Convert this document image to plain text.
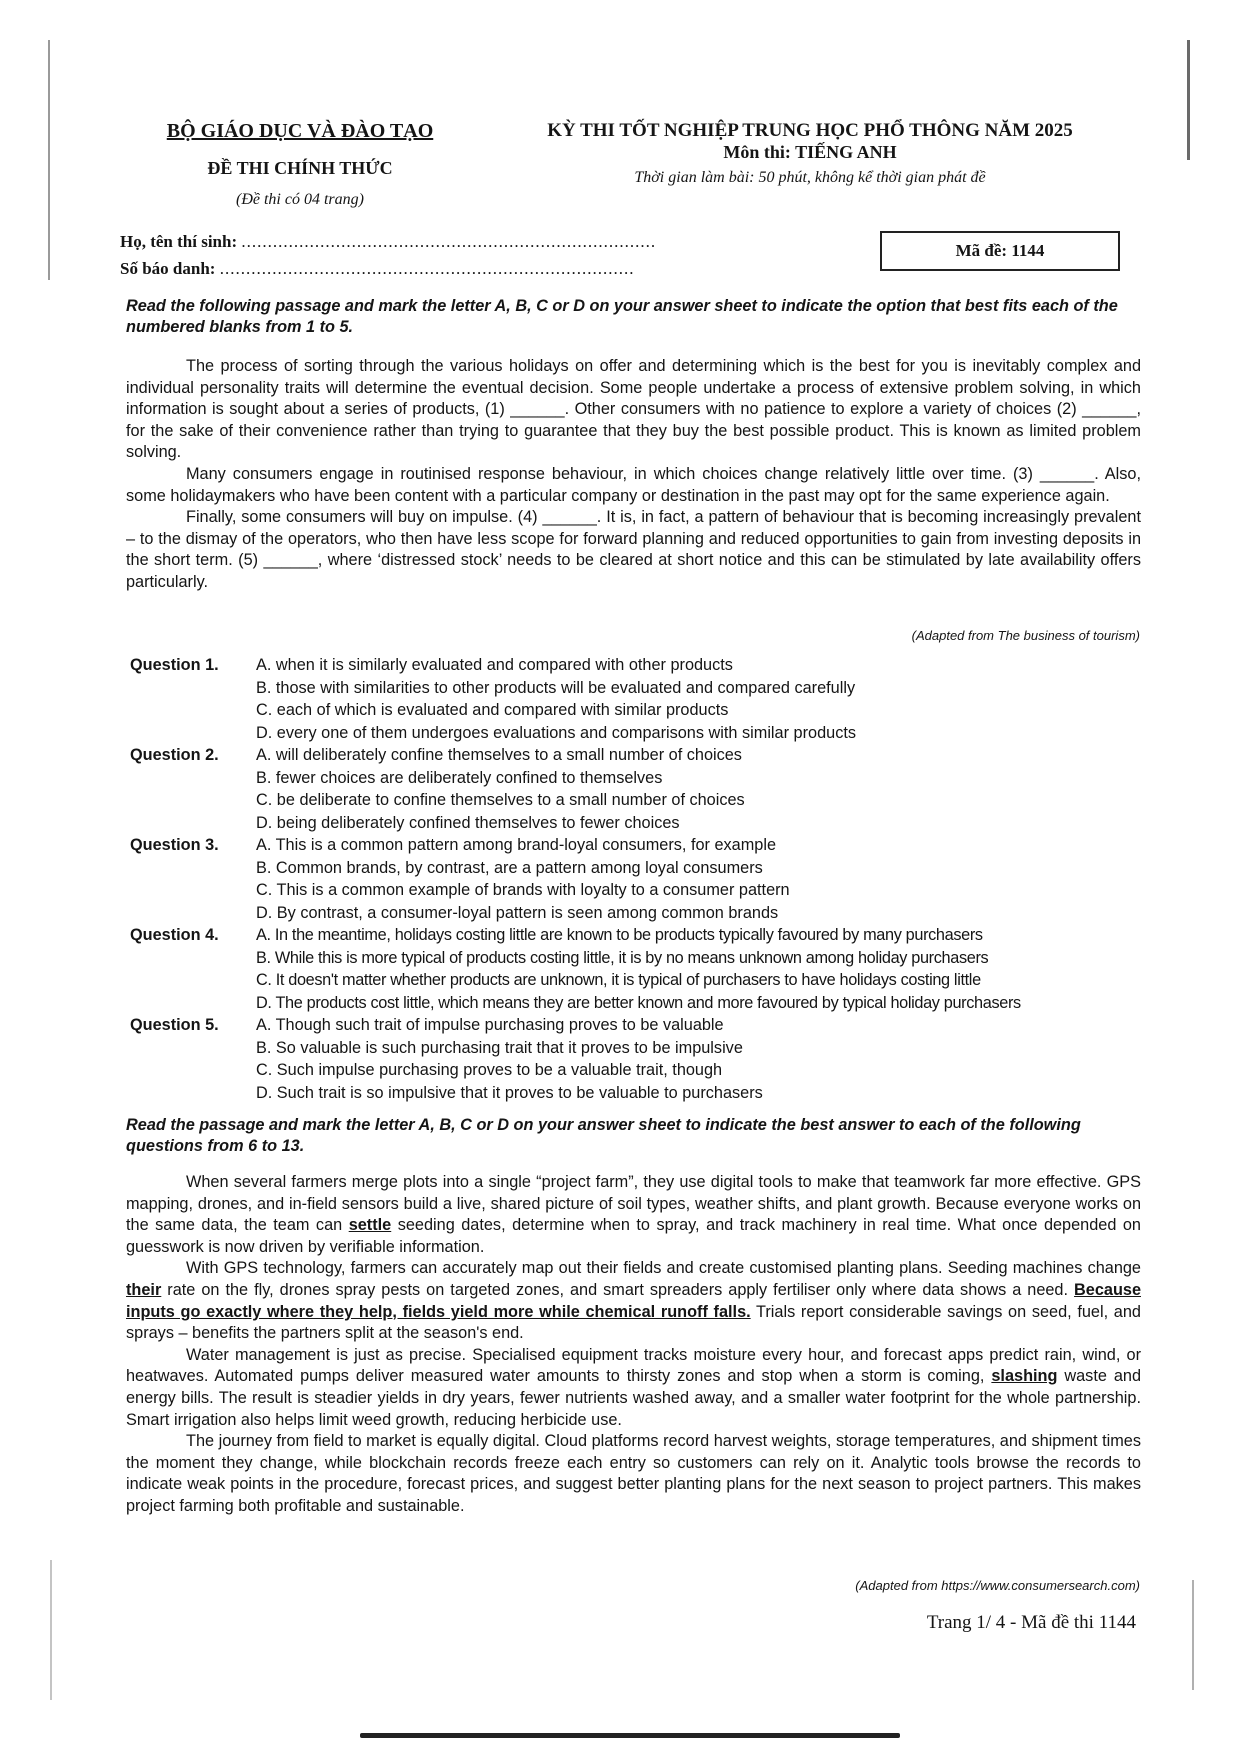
BỘ GIÁO DỤC VÀ ĐÀO TẠO
ĐỀ THI CHÍNH THỨC
(Đề thi có 04 trang)
KỲ THI TỐT NGHIỆP TRUNG HỌC PHỔ THÔNG NĂM 2025
Môn thi: TIẾNG ANH
Thời gian làm bài: 50 phút, không kể thời gian phát đề
Họ, tên thí sinh: ...............................................................................
Số báo danh: ...............................................................................
Mã đề: 1144
Read the following passage and mark the letter A, B, C or D on your answer sheet to indicate the option that best fits each of the numbered blanks from 1 to 5.

The process of sorting through the various holidays on offer and determining which is the best for you is inevitably complex and individual personality traits will determine the eventual decision. Some people undertake a process of extensive problem solving, in which information is sought about a series of products, (1) ______. Other consumers with no patience to explore a variety of choices (2) ______, for the sake of their convenience rather than trying to guarantee that they buy the best possible product. This is known as limited problem solving.

Many consumers engage in routinised response behaviour, in which choices change relatively little over time. (3) ______. Also, some holidaymakers who have been content with a particular company or destination in the past may opt for the same experience again.

Finally, some consumers will buy on impulse. (4) ______. It is, in fact, a pattern of behaviour that is becoming increasingly prevalent – to the dismay of the operators, who then have less scope for forward planning and reduced opportunities to gain from investing deposits in the short term. (5) ______, where ‘distressed stock’ needs to be cleared at short notice and this can be stimulated by late availability offers particularly.

(Adapted from The business of tourism)
Question 1.	A. when it is similarly evaluated and compared with other products
B. those with similarities to other products will be evaluated and compared carefully
C. each of which is evaluated and compared with similar products
D. every one of them undergoes evaluations and comparisons with similar products
Question 2.	A. will deliberately confine themselves to a small number of choices
B. fewer choices are deliberately confined to themselves
C. be deliberate to confine themselves to a small number of choices
D. being deliberately confined themselves to fewer choices
Question 3.	A. This is a common pattern among brand-loyal consumers, for example
B. Common brands, by contrast, are a pattern among loyal consumers
C. This is a common example of brands with loyalty to a consumer pattern
D. By contrast, a consumer-loyal pattern is seen among common brands
Question 4.	A. In the meantime, holidays costing little are known to be products typically favoured by many purchasers
B. While this is more typical of products costing little, it is by no means unknown among holiday purchasers
C. It doesn't matter whether products are unknown, it is typical of purchasers to have holidays costing little
D. The products cost little, which means they are better known and more favoured by typical holiday purchasers
Question 5.	A. Though such trait of impulse purchasing proves to be valuable
B. So valuable is such purchasing trait that it proves to be impulsive
C. Such impulse purchasing proves to be a valuable trait, though
D. Such trait is so impulsive that it proves to be valuable to purchasers
Read the passage and mark the letter A, B, C or D on your answer sheet to indicate the best answer to each of the following questions from 6 to 13.

When several farmers merge plots into a single “project farm”, they use digital tools to make that teamwork far more effective. GPS mapping, drones, and in-field sensors build a live, shared picture of soil types, weather shifts, and plant growth. Because everyone works on the same data, the team can settle seeding dates, determine when to spray, and track machinery in real time. What once depended on guesswork is now driven by verifiable information.

With GPS technology, farmers can accurately map out their fields and create customised planting plans. Seeding machines change their rate on the fly, drones spray pests on targeted zones, and smart spreaders apply fertiliser only where data shows a need. Because inputs go exactly where they help, fields yield more while chemical runoff falls. Trials report considerable savings on seed, fuel, and sprays – benefits the partners split at the season's end.

Water management is just as precise. Specialised equipment tracks moisture every hour, and forecast apps predict rain, wind, or heatwaves. Automated pumps deliver measured water amounts to thirsty zones and stop when a storm is coming, slashing waste and energy bills. The result is steadier yields in dry years, fewer nutrients washed away, and a smaller water footprint for the whole partnership. Smart irrigation also helps limit weed growth, reducing herbicide use.

The journey from field to market is equally digital. Cloud platforms record harvest weights, storage temperatures, and shipment times the moment they change, while blockchain records freeze each entry so customers can rely on it. Analytic tools browse the records to indicate weak points in the procedure, forecast prices, and suggest better planting plans for the next season to project partners. This makes project farming both profitable and sustainable.

(Adapted from https://www.consumersearch.com)
Trang 1/ 4 - Mã đề thi 1144
